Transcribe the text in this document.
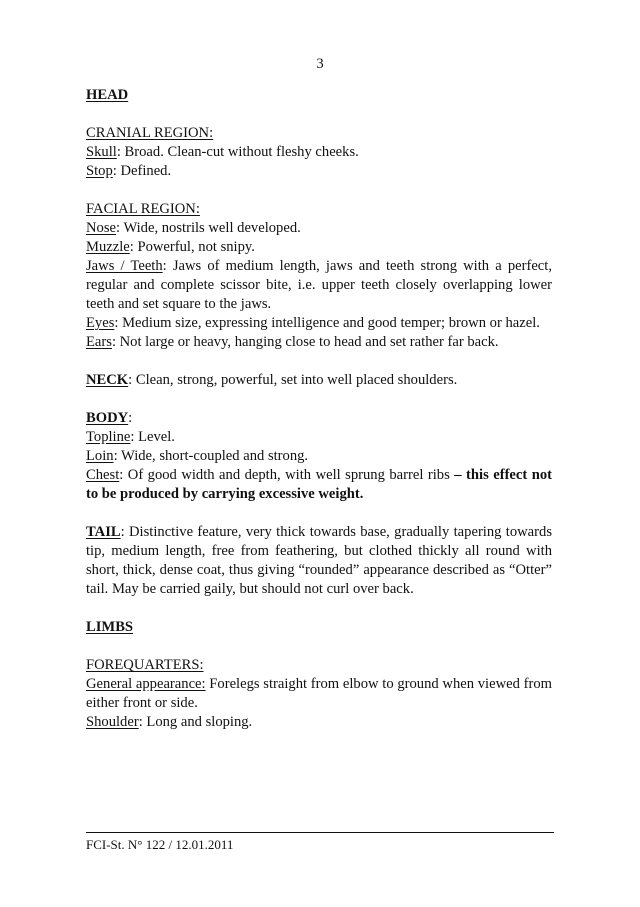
3

HEAD

CRANIAL REGION:

Skull: Broad. Clean-cut without fleshy cheeks.

Stop: Defined.

FACIAL REGION:

Nose: Wide, nostrils well developed.

Muzzle: Powerful, not snipy.

Jaws / Teeth: Jaws of medium length, jaws and teeth strong with a perfect, regular and complete scissor bite, i.e. upper teeth closely overlapping lower teeth and set square to the jaws.

Eyes: Medium size, expressing intelligence and good temper; brown or hazel.

Ears: Not large or heavy, hanging close to head and set rather far back.

NECK: Clean, strong, powerful, set into well placed shoulders.

BODY:

Topline: Level.

Loin: Wide, short-coupled and strong.

Chest: Of good width and depth, with well sprung barrel ribs – this effect not to be produced by carrying excessive weight.

TAIL: Distinctive feature, very thick towards base, gradually tapering towards tip, medium length, free from feathering, but clothed thickly all round with short, thick, dense coat, thus giving “rounded” appearance described as “Otter” tail. May be carried gaily, but should not curl over back.

LIMBS

FOREQUARTERS:

General appearance: Forelegs straight from elbow to ground when viewed from either front or side.

Shoulder: Long and sloping.

FCI-St. N° 122 / 12.01.2011
